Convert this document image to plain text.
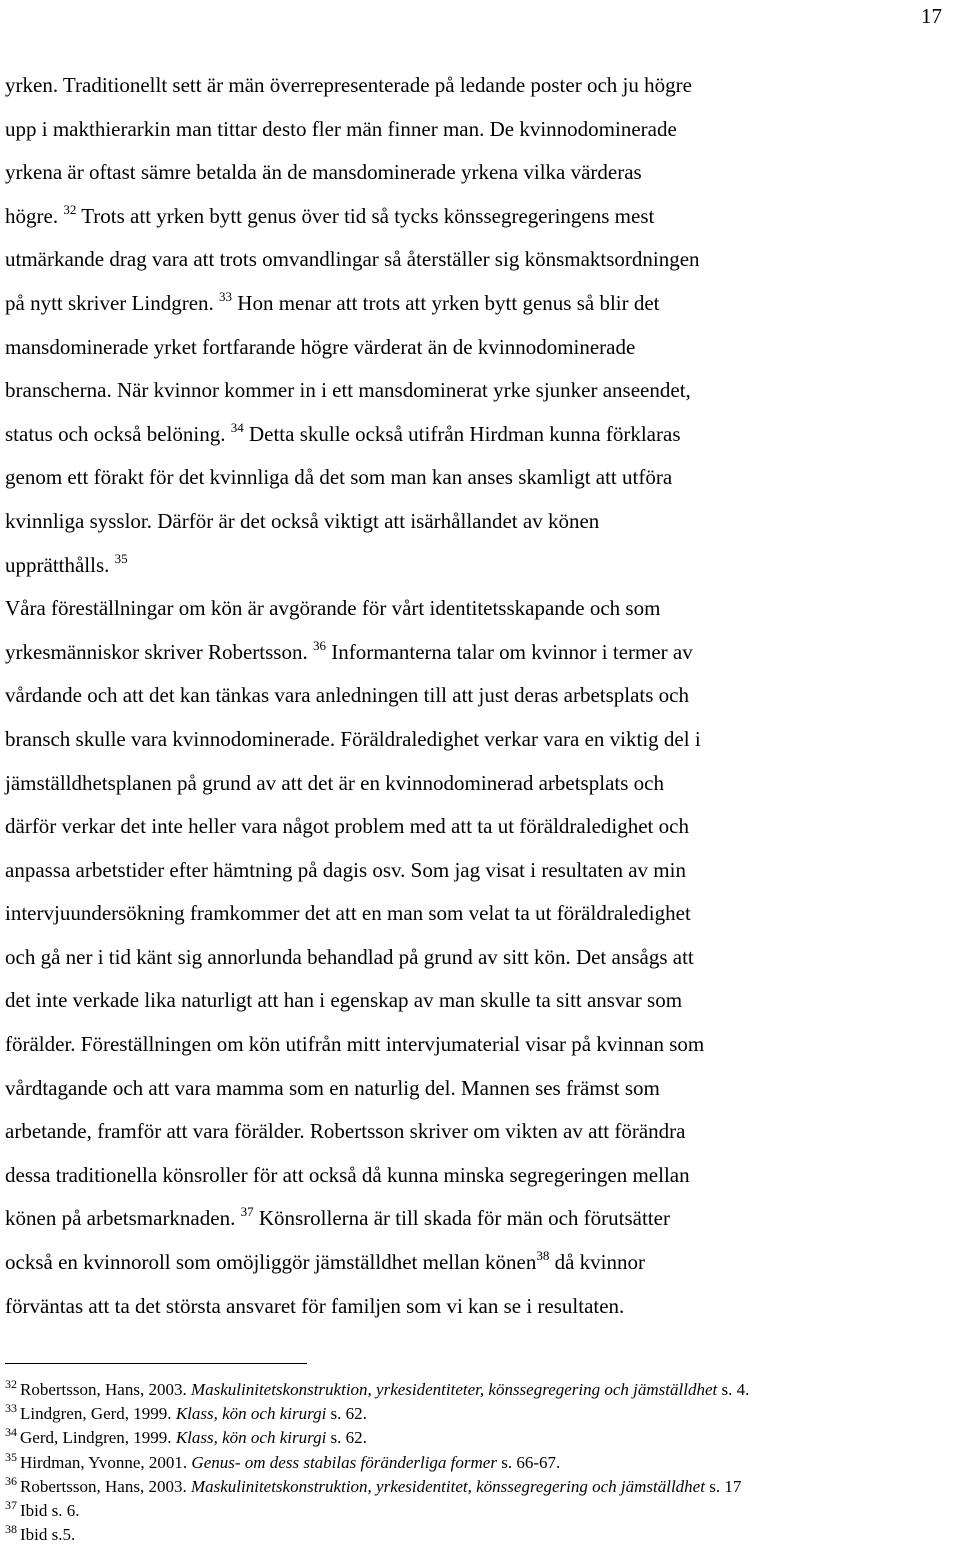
17
yrken. Traditionellt sett är män överrepresenterade på ledande poster och ju högre
upp i makthierarkin man tittar desto fler män finner man. De kvinnodominerade
yrkena är oftast sämre betalda än de mansdominerade yrkena vilka värderas
högre. $^{32}$ Trots att yrken bytt genus över tid så tycks könssegregeringens mest
utmärkande drag vara att trots omvandlingar så återställer sig könsmaktsordningen
på nytt skriver Lindgren. $^{33}$ Hon menar att trots att yrken bytt genus så blir det
mansdominerade yrket fortfarande högre värderat än de kvinnodominerade
branscherna. När kvinnor kommer in i ett mansdominerat yrke sjunker anseendet,
status och också belöning. $^{34}$ Detta skulle också utifrån Hirdman kunna förklaras
genom ett förakt för det kvinnliga då det som man kan anses skamligt att utföra
kvinnliga sysslor. Därför är det också viktigt att isärhållandet av könen
upprätthålls. $^{35}$
Våra föreställningar om kön är avgörande för vårt identitetsskapande och som
yrkesmänniskor skriver Robertsson. $^{36}$ Informanterna talar om kvinnor i termer av
vårdande och att det kan tänkas vara anledningen till att just deras arbetsplats och
bransch skulle vara kvinnodominerade. Föräldraledighet verkar vara en viktig del i
jämställdhetsplanen på grund av att det är en kvinnodominerad arbetsplats och
därför verkar det inte heller vara något problem med att ta ut föräldraledighet och
anpassa arbetstider efter hämtning på dagis osv. Som jag visat i resultaten av min
intervjuundersökning framkommer det att en man som velat ta ut föräldraledighet
och gå ner i tid känt sig annorlunda behandlad på grund av sitt kön. Det ansågs att
det inte verkade lika naturligt att han i egenskap av man skulle ta sitt ansvar som
förälder. Föreställningen om kön utifrån mitt intervjumaterial visar på kvinnan som
vårdtagande och att vara mamma som en naturlig del. Mannen ses främst som
arbetande, framför att vara förälder. Robertsson skriver om vikten av att förändra
dessa traditionella könsroller för att också då kunna minska segregeringen mellan
könen på arbetsmarknaden. $^{37}$ Könsrollerna är till skada för män och förutsätter
också en kvinnoroll som omöjliggör jämställdhet mellan könen$^{38}$ då kvinnor
förväntas att ta det största ansvaret för familjen som vi kan se i resultaten.
$^{32}$ Robertsson, Hans, 2003. Maskulinitetskonstruktion, yrkesidentiteter, könssegregering och jämställdhet s. 4.
$^{33}$ Lindgren, Gerd, 1999. Klass, kön och kirurgi s. 62.
$^{34}$ Gerd, Lindgren, 1999. Klass, kön och kirurgi s. 62.
$^{35}$ Hirdman, Yvonne, 2001. Genus- om dess stabilas föränderliga former s. 66-67.
$^{36}$ Robertsson, Hans, 2003. Maskulinitetskonstruktion, yrkesidentitet, könssegregering och jämställdhet s. 17
$^{37}$ Ibid s. 6.
$^{38}$ Ibid s.5.
